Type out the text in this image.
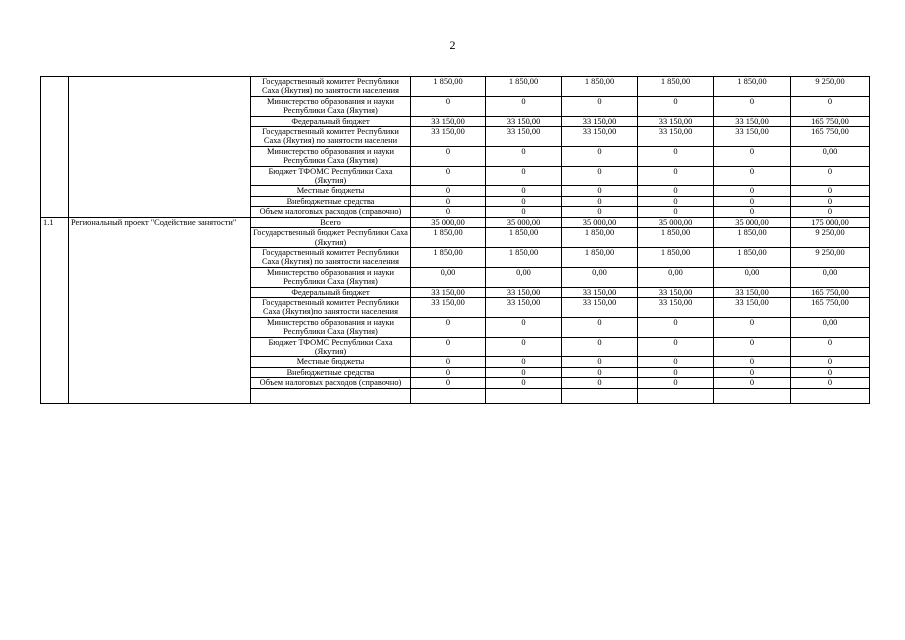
2
		Государственный комитет Республики Саха (Якутия) по занятости населения	1 850,00	1 850,00	1 850,00	1 850,00	1 850,00	9 250,00
		Министерство образования и науки Республики Саха (Якутия)	0	0	0	0	0	0
		Федеральный бюджет	33 150,00	33 150,00	33 150,00	33 150,00	33 150,00	165 750,00
		Государственный комитет Республики Саха (Якутия) по занятости населени	33 150,00	33 150,00	33 150,00	33 150,00	33 150,00	165 750,00
		Министерство образования и науки Республики Саха (Якутия)	0	0	0	0	0	0,00
		Бюджет ТФОМС Республики Саха (Якутия)	0	0	0	0	0	0
		Местные бюджеты	0	0	0	0	0	0
		Внебюджетные средства	0	0	0	0	0	0
		Объем налоговых расходов (справочно)	0	0	0	0	0	0
1.1	Региональный проект "Содействие занятости"	Всего	35 000,00	35 000,00	35 000,00	35 000,00	35 000,00	175 000,00
		Государственный бюджет Республики Саха (Якутия)	1 850,00	1 850,00	1 850,00	1 850,00	1 850,00	9 250,00
		Государственный комитет Республики Саха (Якутия) по занятости населения	1 850,00	1 850,00	1 850,00	1 850,00	1 850,00	9 250,00
		Министерство образования и науки Республики Саха (Якутия)	0,00	0,00	0,00	0,00	0,00	0,00
		Федеральный бюджет	33 150,00	33 150,00	33 150,00	33 150,00	33 150,00	165 750,00
		Государственный комитет Республики Саха (Якутия)по занятости населения	33 150,00	33 150,00	33 150,00	33 150,00	33 150,00	165 750,00
		Министерство образования и науки Республики Саха (Якутия)	0	0	0	0	0	0,00
		Бюджет ТФОМС Республики Саха (Якутия)	0	0	0	0	0	0
		Местные бюджеты	0	0	0	0	0	0
		Внебюджетные средства	0	0	0	0	0	0
		Объем налоговых расходов (справочно)	0	0	0	0	0	0
